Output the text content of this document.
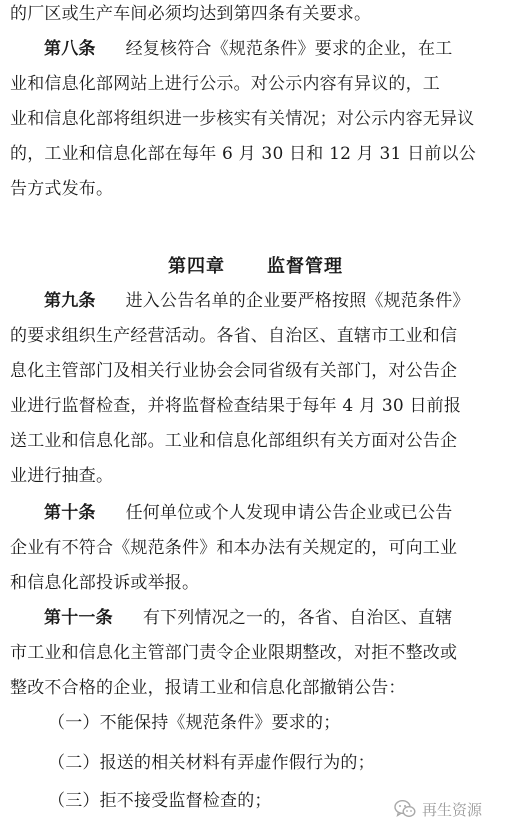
的厂区或生产车间必须均达到第四条有关要求。
第八条 经复核符合《规范条件》要求的企业，在工
业和信息化部网站上进行公示。对公示内容有异议的，工
业和信息化部将组织进一步核实有关情况；对公示内容无异议
的，工业和信息化部在每年 6 月 30 日和 12 月 31 日前以公
告方式发布。
第四章 监督管理
第九条 进入公告名单的企业要严格按照《规范条件》
的要求组织生产经营活动。各省、自治区、直辖市工业和信
息化主管部门及相关行业协会会同省级有关部门，对公告企
业进行监督检查，并将监督检查结果于每年 4 月 30 日前报
送工业和信息化部。工业和信息化部组织有关方面对公告企
业进行抽查。
第十条 任何单位或个人发现申请公告企业或已公告
企业有不符合《规范条件》和本办法有关规定的，可向工业
和信息化部投诉或举报。
第十一条 有下列情况之一的，各省、自治区、直辖
市工业和信息化主管部门责令企业限期整改，对拒不整改或
整改不合格的企业，报请工业和信息化部撤销公告：
（一）不能保持《规范条件》要求的；
（二）报送的相关材料有弄虚作假行为的；
（三）拒不接受监督检查的；	再生资源
